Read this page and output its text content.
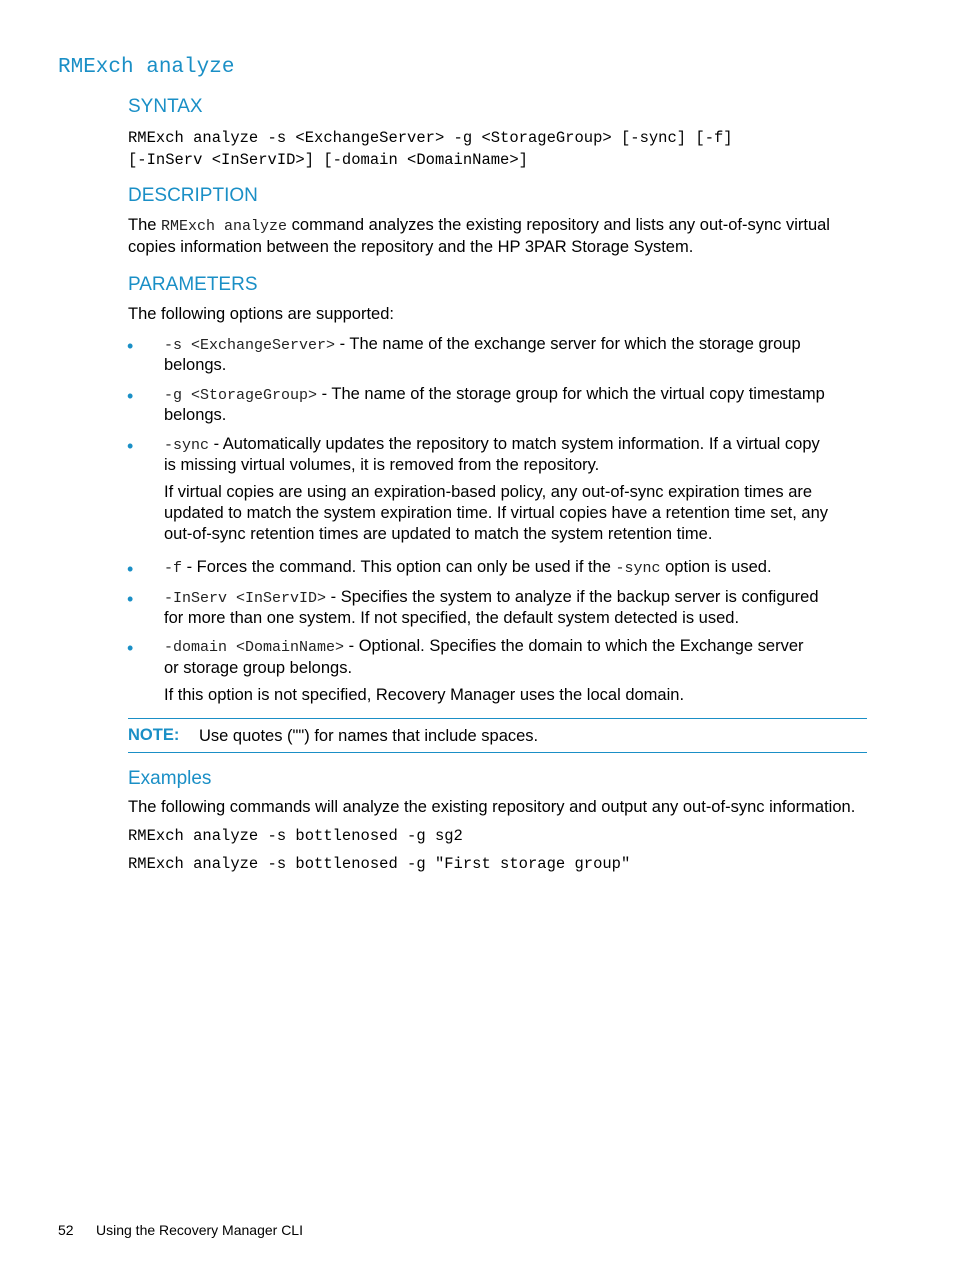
RMExch analyze
SYNTAX
RMExch analyze -s <ExchangeServer> -g <StorageGroup> [-sync] [-f]
[-InServ <InServID>] [-domain <DomainName>]
DESCRIPTION
The RMExch analyze command analyzes the existing repository and lists any out-of-sync virtual
copies information between the repository and the HP 3PAR Storage System.
PARAMETERS
The following options are supported:
• -s <ExchangeServer> - The name of the exchange server for which the storage group
belongs.
• -g <StorageGroup> - The name of the storage group for which the virtual copy timestamp
belongs.
• -sync - Automatically updates the repository to match system information. If a virtual copy
is missing virtual volumes, it is removed from the repository.
If virtual copies are using an expiration-based policy, any out-of-sync expiration times are
updated to match the system expiration time. If virtual copies have a retention time set, any
out-of-sync retention times are updated to match the system retention time.
• -f - Forces the command. This option can only be used if the -sync option is used.
• -InServ <InServID> - Specifies the system to analyze if the backup server is configured
for more than one system. If not specified, the default system detected is used.
• -domain <DomainName> - Optional. Specifies the domain to which the Exchange server
or storage group belongs.
If this option is not specified, Recovery Manager uses the local domain.
NOTE: Use quotes ("") for names that include spaces.
Examples
The following commands will analyze the existing repository and output any out-of-sync information.
RMExch analyze -s bottlenosed -g sg2
RMExch analyze -s bottlenosed -g "First storage group"
52 Using the Recovery Manager CLI
